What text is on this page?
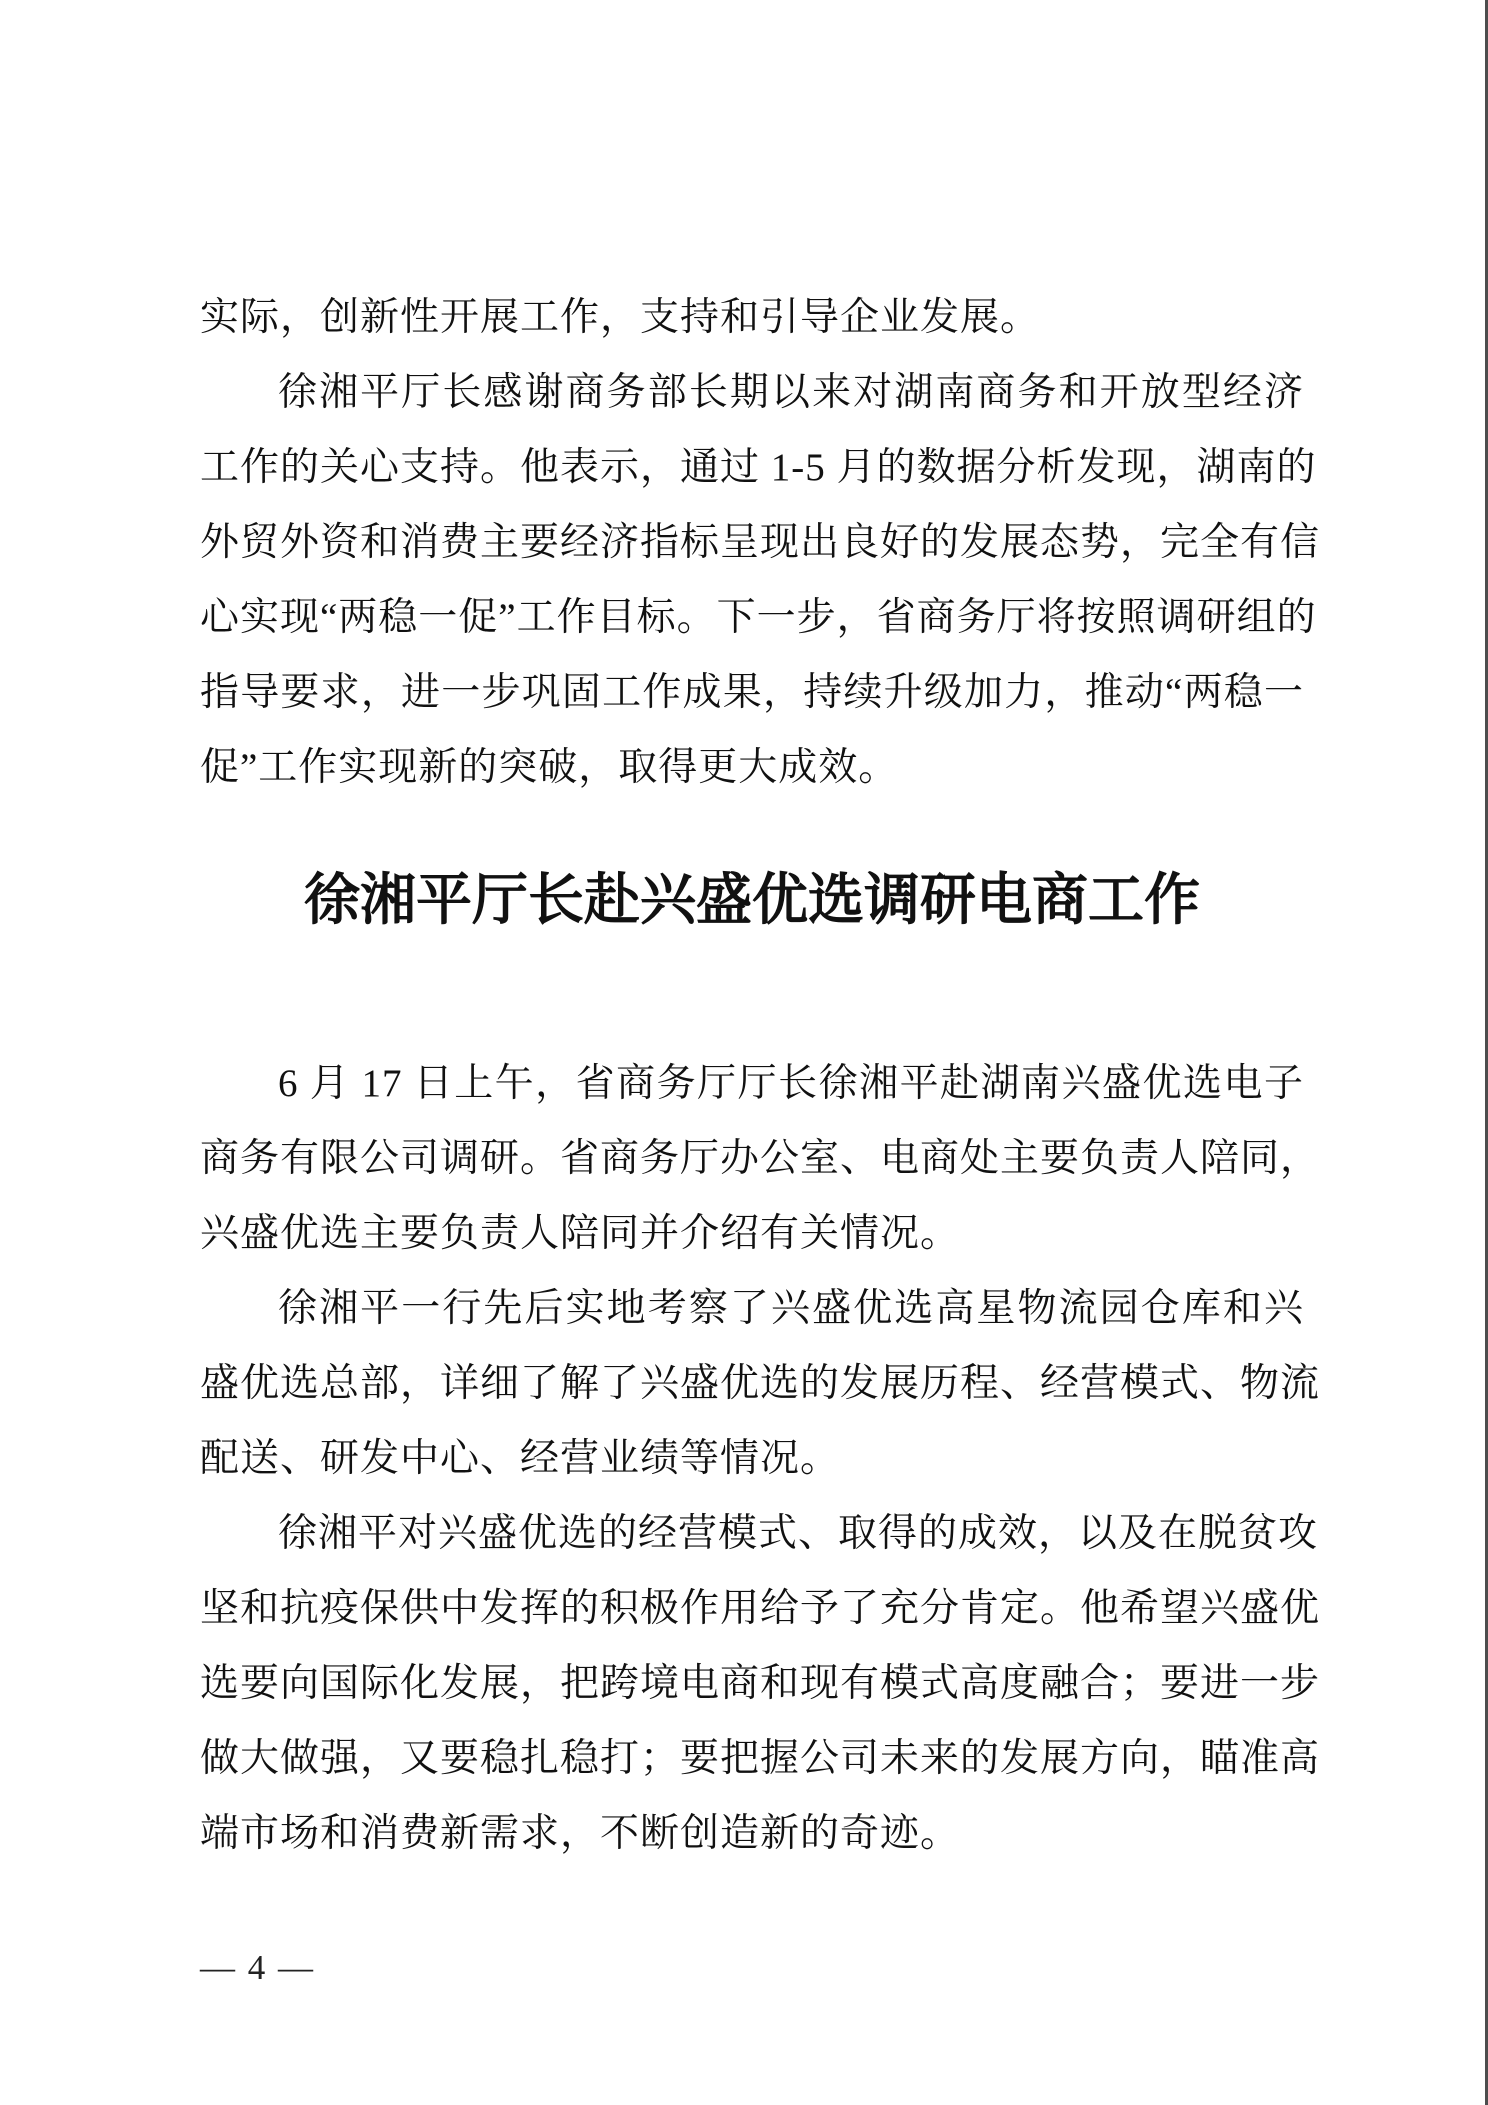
实际，创新性开展工作，支持和引导企业发展。
徐湘平厅长感谢商务部长期以来对湖南商务和开放型经济
工作的关心支持。他表示，通过 1-5 月的数据分析发现，湖南的
外贸外资和消费主要经济指标呈现出良好的发展态势，完全有信
心实现“两稳一促”工作目标。下一步，省商务厅将按照调研组的
指导要求，进一步巩固工作成果，持续升级加力，推动“两稳一
促”工作实现新的突破，取得更大成效。
徐湘平厅长赴兴盛优选调研电商工作
6 月 17 日上午，省商务厅厅长徐湘平赴湖南兴盛优选电子
商务有限公司调研。省商务厅办公室、电商处主要负责人陪同，
兴盛优选主要负责人陪同并介绍有关情况。
徐湘平一行先后实地考察了兴盛优选高星物流园仓库和兴
盛优选总部，详细了解了兴盛优选的发展历程、经营模式、物流
配送、研发中心、经营业绩等情况。
徐湘平对兴盛优选的经营模式、取得的成效，以及在脱贫攻
坚和抗疫保供中发挥的积极作用给予了充分肯定。他希望兴盛优
选要向国际化发展，把跨境电商和现有模式高度融合；要进一步
做大做强，又要稳扎稳打；要把握公司未来的发展方向，瞄准高
端市场和消费新需求，不断创造新的奇迹。
— 4 —
